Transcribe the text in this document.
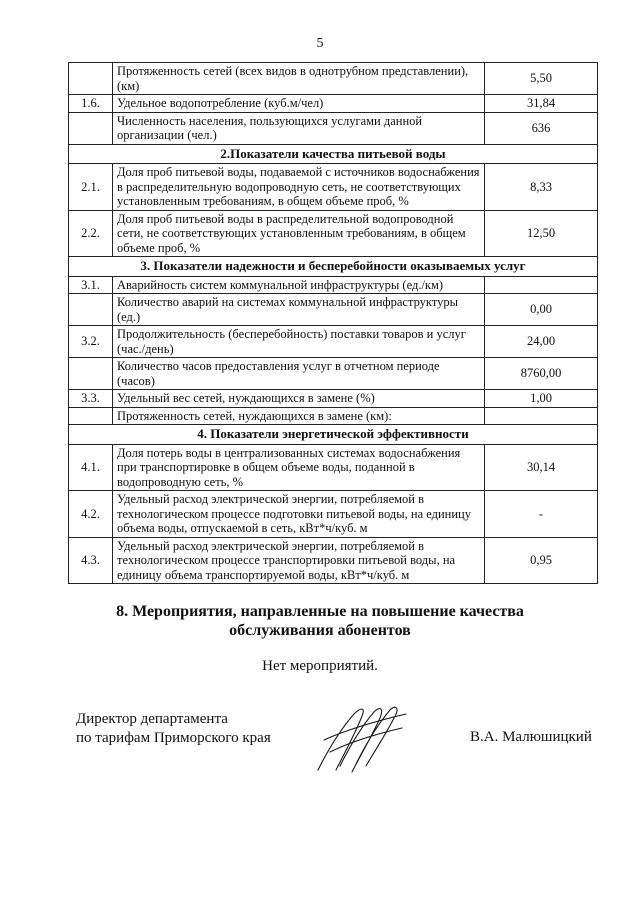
5
	Протяженность сетей (всех видов в однотрубном представлении), (км)	5,50
1.6.	Удельное водопотребление (куб.м/чел)	31,84
	Численность населения, пользующихся услугами данной организации (чел.)	636
2.Показатели качества питьевой воды		
2.1.	Доля проб питьевой воды, подаваемой с источников водоснабжения в распределительную водопроводную сеть, не соответствующих установленным требованиям, в общем объеме проб, %	8,33
2.2.	Доля проб питьевой воды в распределительной водопроводной сети, не соответствующих установленным требованиям, в общем объеме проб, %	12,50
3. Показатели надежности и бесперебойности оказываемых услуг		
3.1.	Аварийность систем коммунальной инфраструктуры (ед./км)	
	Количество аварий на системах коммунальной инфраструктуры (ед.)	0,00
3.2.	Продолжительность (бесперебойность) поставки товаров и услуг (час./день)	24,00
	Количество часов предоставления услуг в отчетном периоде (часов)	8760,00
3.3.	Удельный вес сетей, нуждающихся в замене (%)	1,00
	Протяженность сетей, нуждающихся в замене (км):	
4. Показатели энергетической эффективности		
4.1.	Доля потерь воды в централизованных системах водоснабжения при транспортировке в общем объеме воды, поданной в водопроводную сеть, %	30,14
4.2.	Удельный расход электрической энергии, потребляемой в технологическом процессе подготовки питьевой воды, на единицу объема воды, отпускаемой в сеть, кВт*ч/куб. м	-
4.3.	Удельный расход электрической энергии, потребляемой в технологическом процессе транспортировки питьевой воды, на единицу объема транспортируемой воды, кВт*ч/куб. м	0,95
8. Мероприятия, направленные на повышение качества
обслуживания абонентов
Нет мероприятий.
Директор департамента
по тарифам Приморского края	В.А. Малюшицкий
